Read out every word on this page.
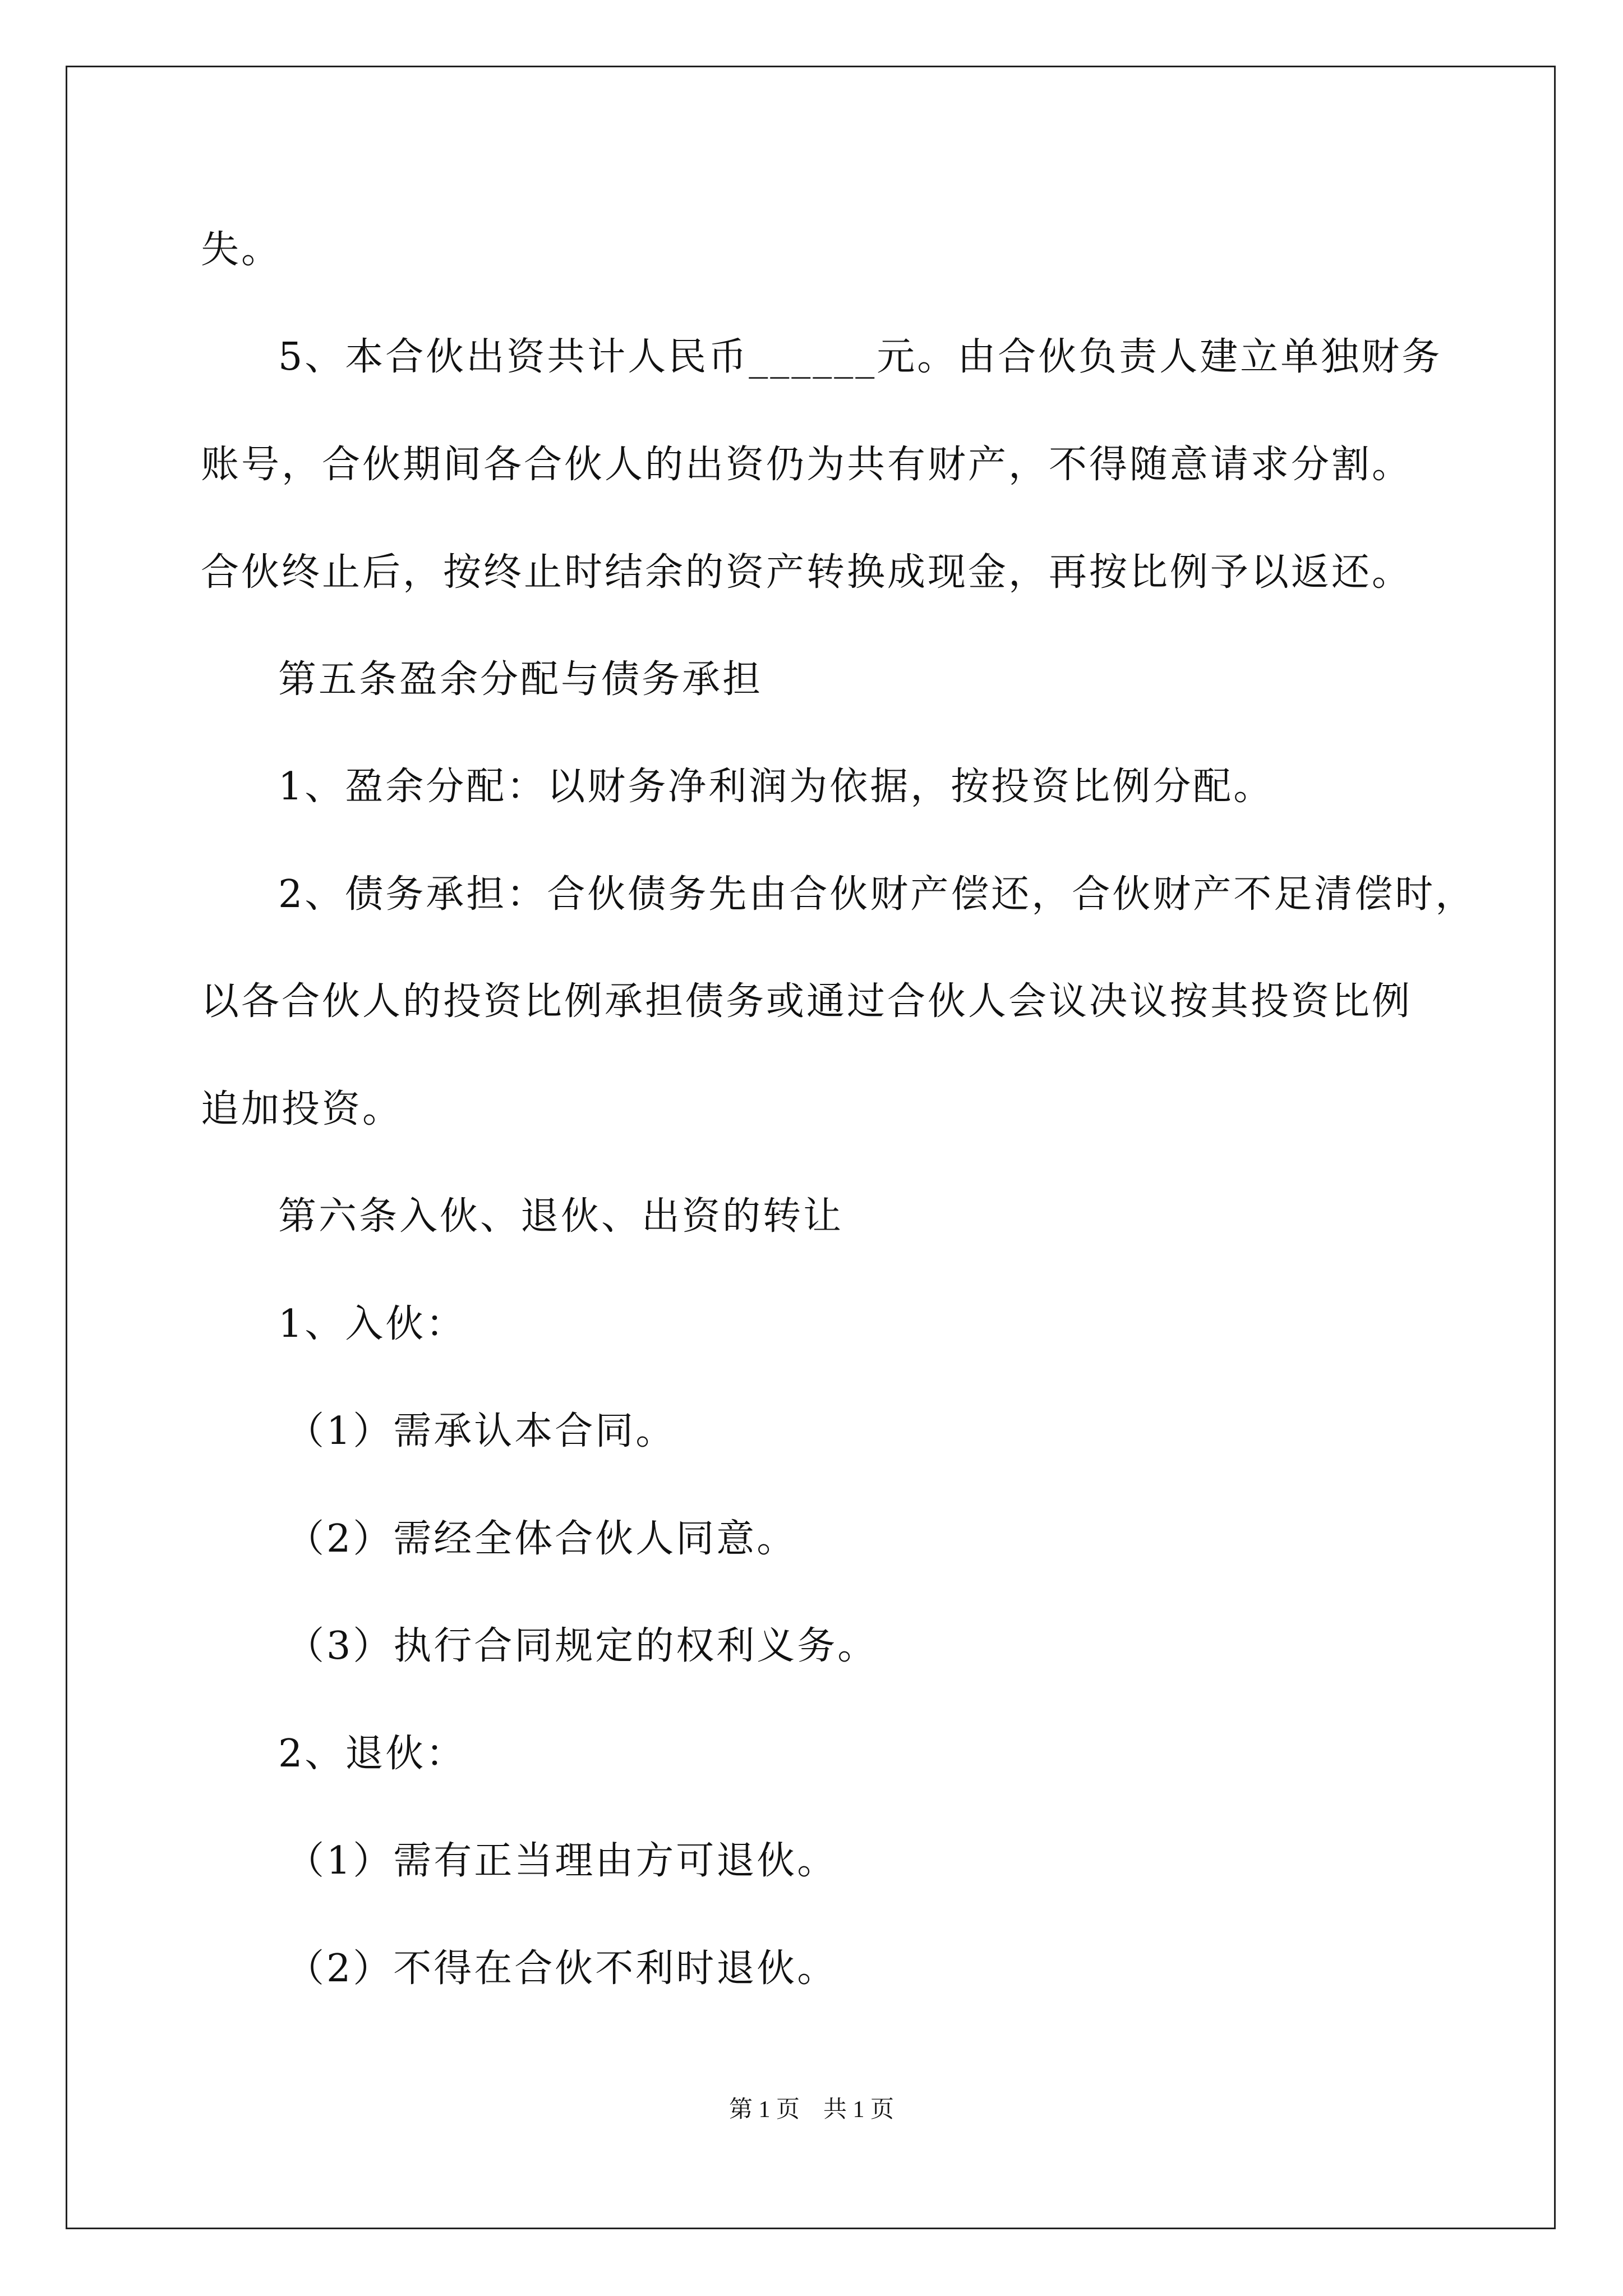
失。
5、本合伙出资共计人民币______元。由合伙负责人建立单独财务
账号，合伙期间各合伙人的出资仍为共有财产，不得随意请求分割。
合伙终止后，按终止时结余的资产转换成现金，再按比例予以返还。
第五条盈余分配与债务承担
1、盈余分配：以财务净利润为依据，按投资比例分配。
2、债务承担：合伙债务先由合伙财产偿还，合伙财产不足清偿时，
以各合伙人的投资比例承担债务或通过合伙人会议决议按其投资比例
追加投资。
第六条入伙、退伙、出资的转让
1、入伙：
（1）需承认本合同。
（2）需经全体合伙人同意。
（3）执行合同规定的权利义务。
2、退伙：
（1）需有正当理由方可退伙。
（2）不得在合伙不利时退伙。
第 1 页　共 1 页
